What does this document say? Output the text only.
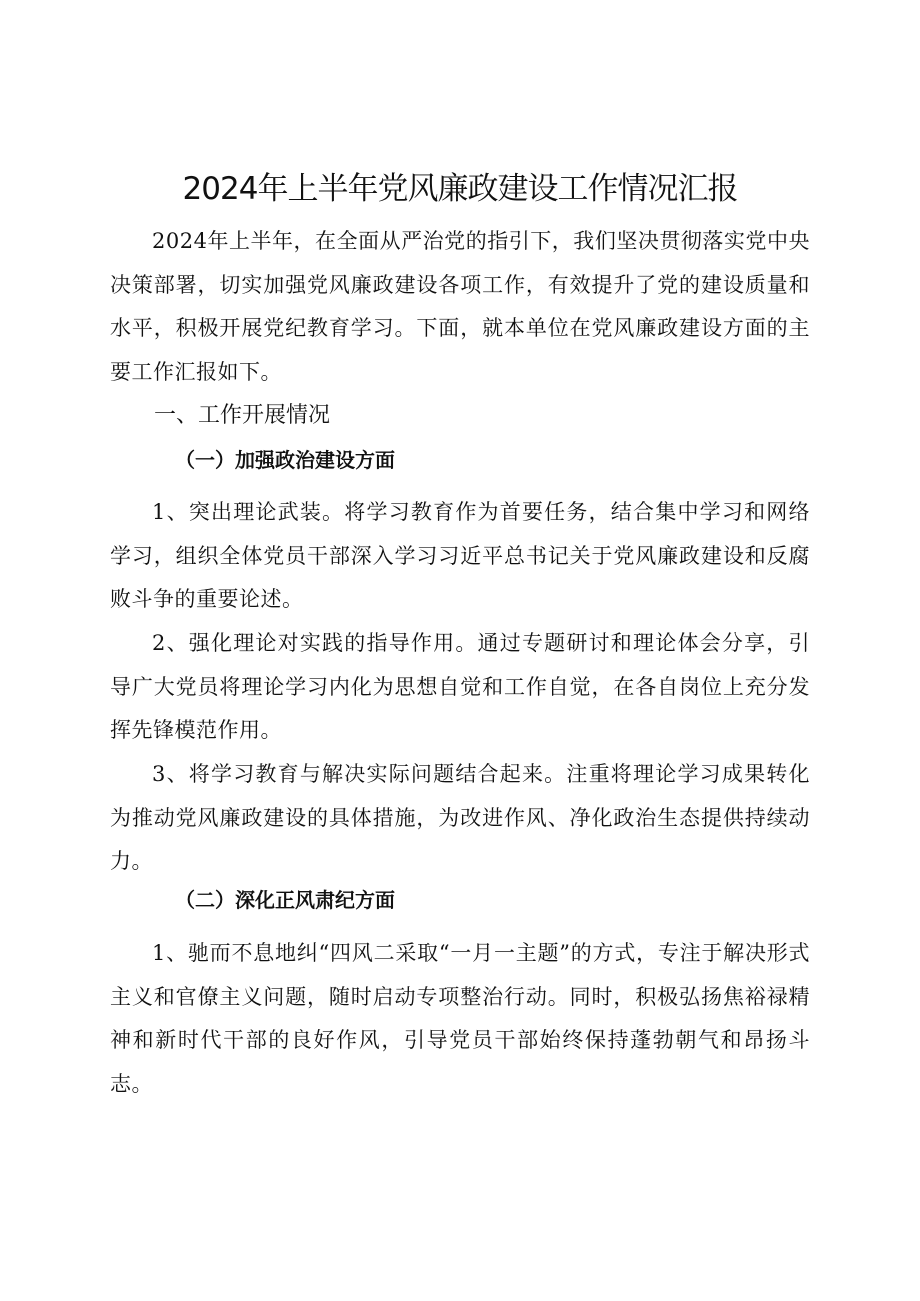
2024年上半年党风廉政建设工作情况汇报

2024年上半年，在全面从严治党的指引下，我们坚决贯彻落实党中央决策部署，切实加强党风廉政建设各项工作，有效提升了党的建设质量和水平，积极开展党纪教育学习。下面，就本单位在党风廉政建设方面的主要工作汇报如下。

一、工作开展情况
（一）加强政治建设方面

1、突出理论武装。将学习教育作为首要任务，结合集中学习和网络学习，组织全体党员干部深入学习习近平总书记关于党风廉政建设和反腐败斗争的重要论述。

2、强化理论对实践的指导作用。通过专题研讨和理论体会分享，引导广大党员将理论学习内化为思想自觉和工作自觉，在各自岗位上充分发挥先锋模范作用。

3、将学习教育与解决实际问题结合起来。注重将理论学习成果转化为推动党风廉政建设的具体措施，为改进作风、净化政治生态提供持续动力。

（二）深化正风肃纪方面

1、驰而不息地纠“四风二采取“一月一主题”的方式，专注于解决形式主义和官僚主义问题，随时启动专项整治行动。同时，积极弘扬焦裕禄精神和新时代干部的良好作风，引导党员干部始终保持蓬勃朝气和昂扬斗志。
